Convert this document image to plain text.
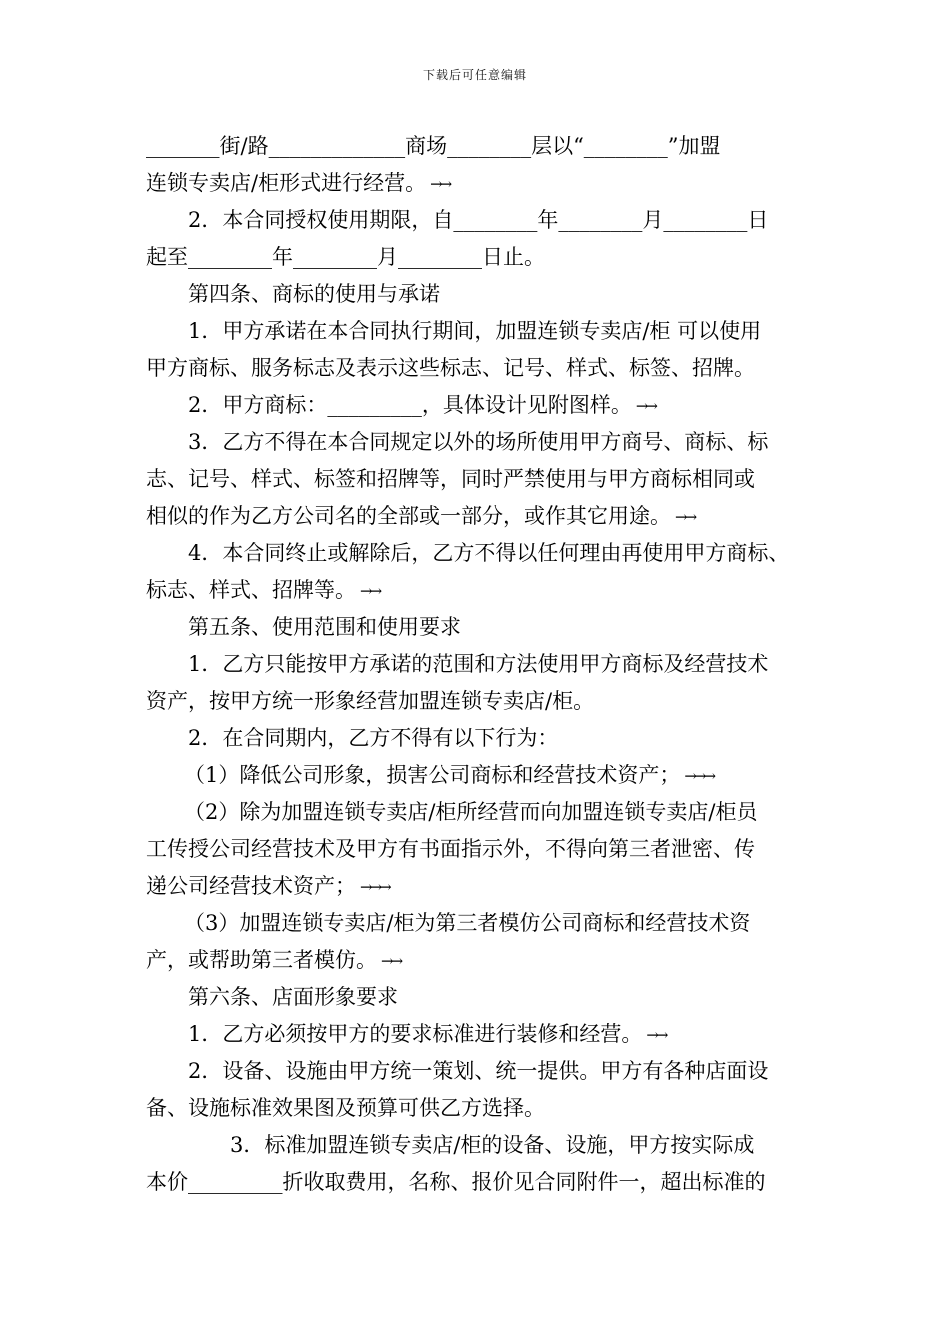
下载后可任意编辑
_______街/路_____________商场________层以“________”加盟
连锁专卖店/柜形式进行经营。 →→
2．本合同授权使用期限，自________年________月________日
起至________年________月________日止。
第四条、商标的使用与承诺
1．甲方承诺在本合同执行期间，加盟连锁专卖店/柜 可以使用
甲方商标、服务标志及表示这些标志、记号、样式、标签、招牌。
2．甲方商标：_________，具体设计见附图样。 →→
3．乙方不得在本合同规定以外的场所使用甲方商号、商标、标
志、记号、样式、标签和招牌等，同时严禁使用与甲方商标相同或
相似的作为乙方公司名的全部或一部分，或作其它用途。 →→
4．本合同终止或解除后，乙方不得以任何理由再使用甲方商标、
标志、样式、招牌等。 →→
第五条、使用范围和使用要求
1．乙方只能按甲方承诺的范围和方法使用甲方商标及经营技术
资产，按甲方统一形象经营加盟连锁专卖店/柜。
2．在合同期内，乙方不得有以下行为：
（1）降低公司形象，损害公司商标和经营技术资产； →→→
（2）除为加盟连锁专卖店/柜所经营而向加盟连锁专卖店/柜员
工传授公司经营技术及甲方有书面指示外，不得向第三者泄密、传
递公司经营技术资产； →→→
（3）加盟连锁专卖店/柜为第三者模仿公司商标和经营技术资
产，或帮助第三者模仿。 →→
第六条、店面形象要求
1．乙方必须按甲方的要求标准进行装修和经营。 →→
2．设备、设施由甲方统一策划、统一提供。甲方有各种店面设
备、设施标准效果图及预算可供乙方选择。
3．标准加盟连锁专卖店/柜的设备、设施，甲方按实际成
本价_________折收取费用，名称、报价见合同附件一，超出标准的
